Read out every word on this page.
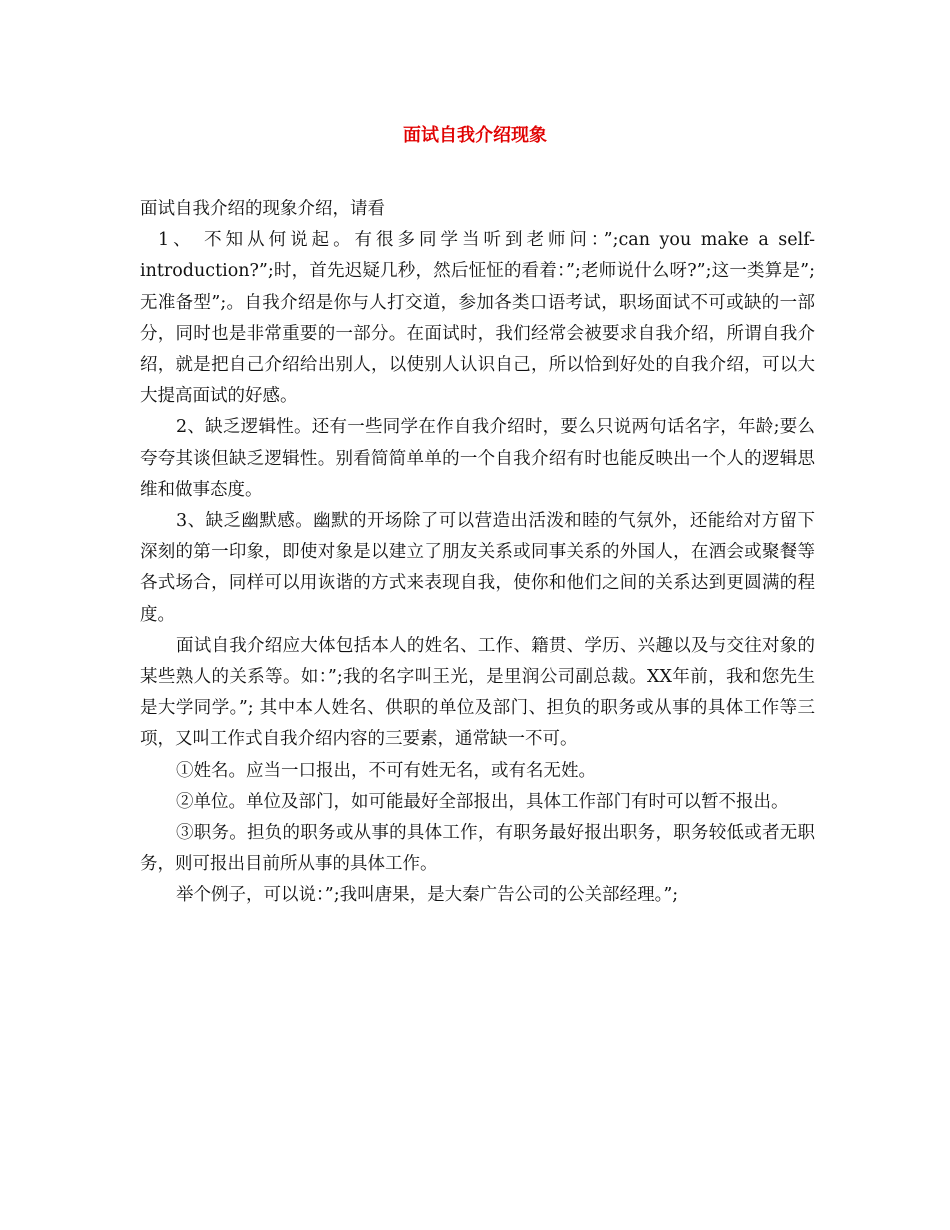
面试自我介绍现象

面试自我介绍的现象介绍，请看

1、 不知从何说起。有很多同学当听到老师问：”;can you make a self-introduction?”;时，首先迟疑几秒，然后怔怔的看着：”;老师说什么呀?”;这一类算是”;无准备型”;。自我介绍是你与人打交道，参加各类口语考试，职场面试不可或缺的一部分，同时也是非常重要的一部分。在面试时，我们经常会被要求自我介绍，所谓自我介绍，就是把自己介绍给出别人，以使别人认识自己，所以恰到好处的自我介绍，可以大大提高面试的好感。

2、缺乏逻辑性。还有一些同学在作自我介绍时，要么只说两句话名字，年龄;要么夸夸其谈但缺乏逻辑性。别看简简单单的一个自我介绍有时也能反映出一个人的逻辑思维和做事态度。

3、缺乏幽默感。幽默的开场除了可以营造出活泼和睦的气氛外，还能给对方留下深刻的第一印象，即使对象是以建立了朋友关系或同事关系的外国人，在酒会或聚餐等各式场合，同样可以用诙谐的方式来表现自我，使你和他们之间的关系达到更圆满的程度。

面试自我介绍应大体包括本人的姓名、工作、籍贯、学历、兴趣以及与交往对象的某些熟人的关系等。如：”;我的名字叫王光，是里润公司副总裁。XX年前，我和您先生是大学同学。”; 其中本人姓名、供职的单位及部门、担负的职务或从事的具体工作等三项，又叫工作式自我介绍内容的三要素，通常缺一不可。

①姓名。应当一口报出，不可有姓无名，或有名无姓。

②单位。单位及部门，如可能最好全部报出，具体工作部门有时可以暂不报出。

③职务。担负的职务或从事的具体工作，有职务最好报出职务，职务较低或者无职务，则可报出目前所从事的具体工作。

举个例子，可以说：”;我叫唐果，是大秦广告公司的公关部经理。”;
